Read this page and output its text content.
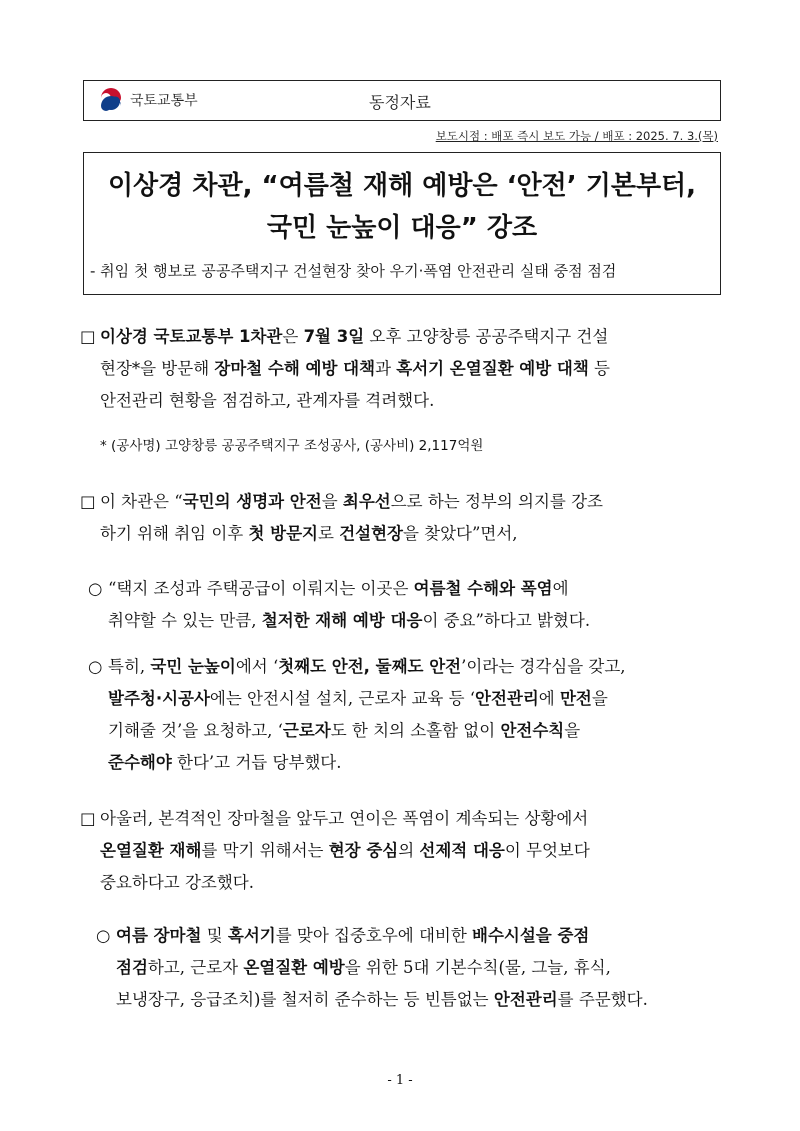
국토교통부	동정자료
보도시점 : 배포 즉시 보도 가능 / 배포 : 2025. 7. 3.(목)
이상경 차관, “여름철 재해 예방은 ‘안전’ 기본부터,
국민 눈높이 대응” 강조
- 취임 첫 행보로 공공주택지구 건설현장 찾아 우기·폭염 안전관리 실태 중점 점검
□ 이상경 국토교통부 1차관은 7월 3일 오후 고양창릉 공공주택지구 건설
현장*을 방문해 장마철 수해 예방 대책과 혹서기 온열질환 예방 대책 등
안전관리 현황을 점검하고, 관계자를 격려했다.
* (공사명) 고양창릉 공공주택지구 조성공사, (공사비) 2,117억원
□ 이 차관은 “국민의 생명과 안전을 최우선으로 하는 정부의 의지를 강조
하기 위해 취임 이후 첫 방문지로 건설현장을 찾았다”면서,
○ “택지 조성과 주택공급이 이뤄지는 이곳은 여름철 수해와 폭염에
취약할 수 있는 만큼, 철저한 재해 예방 대응이 중요”하다고 밝혔다.
○ 특히, 국민 눈높이에서 ‘첫째도 안전, 둘째도 안전’이라는 경각심을 갖고,
발주청·시공사에는 안전시설 설치, 근로자 교육 등 ‘안전관리에 만전을
기해줄 것’을 요청하고, ‘근로자도 한 치의 소홀함 없이 안전수칙을
준수해야 한다’고 거듭 당부했다.
□ 아울러, 본격적인 장마철을 앞두고 연이은 폭염이 계속되는 상황에서
온열질환 재해를 막기 위해서는 현장 중심의 선제적 대응이 무엇보다
중요하다고 강조했다.
○ 여름 장마철 및 혹서기를 맞아 집중호우에 대비한 배수시설을 중점
점검하고, 근로자 온열질환 예방을 위한 5대 기본수칙(물, 그늘, 휴식,
보냉장구, 응급조치)를 철저히 준수하는 등 빈틈없는 안전관리를 주문했다.
- 1 -
